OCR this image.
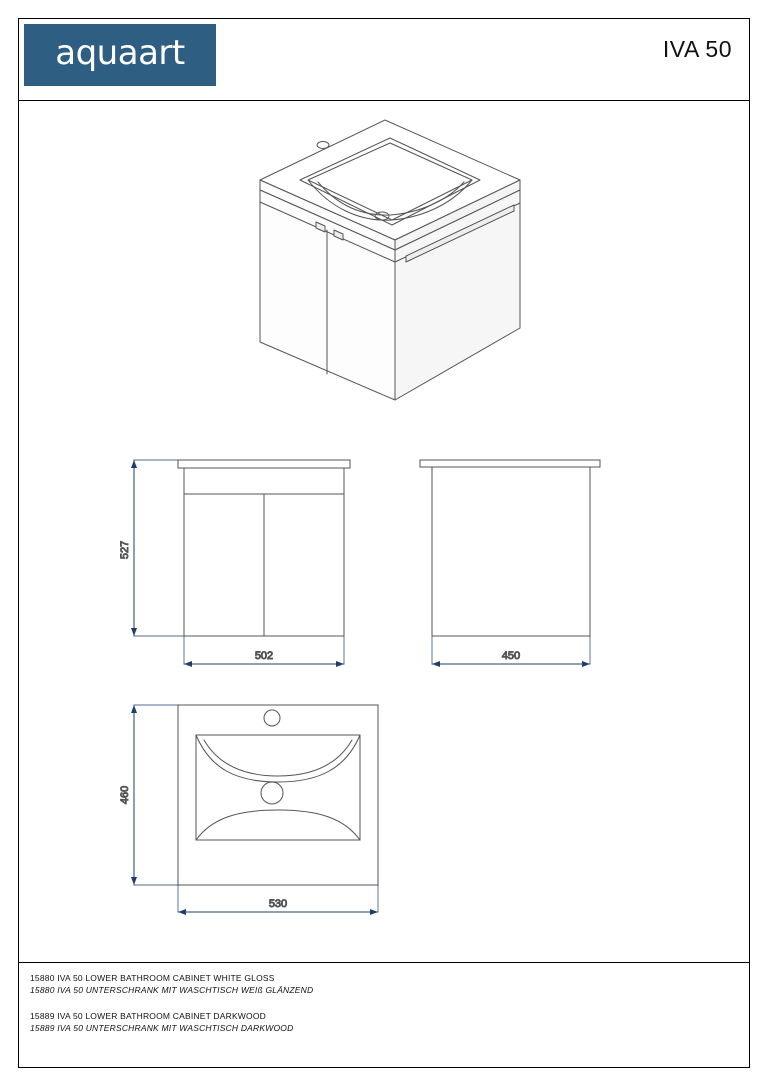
aquaart	IVA 50
527
502	450
460
530
15880 IVA 50 LOWER BATHROOM CABINET WHITE GLOSS
15880 IVA 50 UNTERSCHRANK MIT WASCHTISCH WEIß GLÄNZEND
15889 IVA 50 LOWER BATHROOM CABINET DARKWOOD
15889 IVA 50 UNTERSCHRANK MIT WASCHTISCH DARKWOOD
